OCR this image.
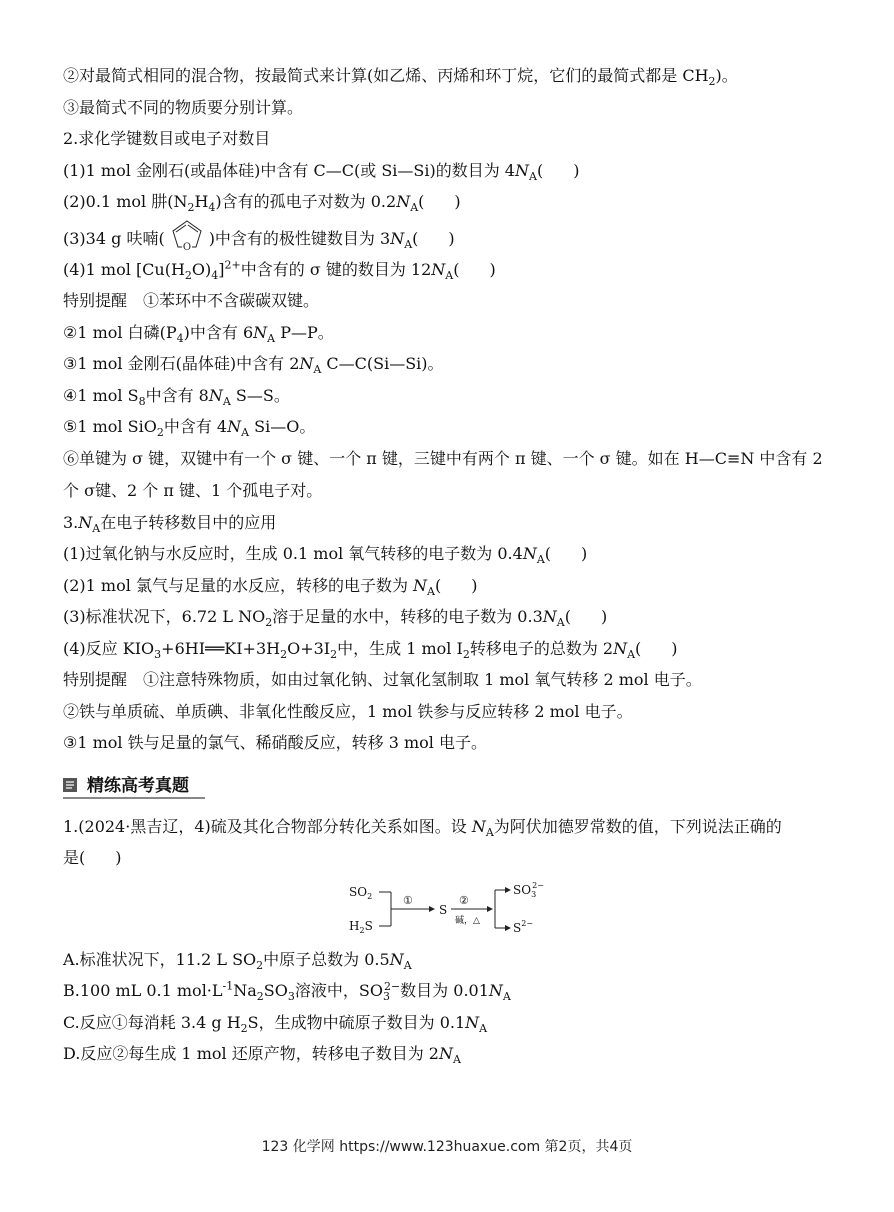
②对最简式相同的混合物，按最简式来计算(如乙烯、丙烯和环丁烷，它们的最简式都是 $CH_2$)。
③最简式不同的物质要分别计算。
2.求化学键数目或电子对数目
(1)1 mol 金刚石(或晶体硅)中含有 C—C(或 Si—Si)的数目为 $4N_A$( )
(2)0.1 mol 肼$(N_2H_4)$含有的孤电子对数为 $0.2N_A$( )
(3)34 g 呋喃( O )中含有的极性键数目为 $3N_A$( )
(4)1 mol $[Cu(H_2O)_4]^{2+}$中含有的 σ 键的数目为 $12N_A$( )
特别提醒　①苯环中不含碳碳双键。
②1 mol 白磷$(P_4)$中含有 $6N_A$ P—P。
③1 mol 金刚石(晶体硅)中含有 $2N_A$ C—C(Si—Si)。
④1 mol $S_8$中含有 $8N_A$ S—S。
⑤1 mol SiO$_2$中含有 $4N_A$ Si—O。
⑥单键为 σ 键，双键中有一个 σ 键、一个 π 键，三键中有两个 π 键、一个 σ 键。如在 H—C≡N 中含有 2 个 σ键、2 个 π 键、1 个孤电子对。
$3.N_A$在电子转移数目中的应用
(1)过氧化钠与水反应时，生成 0.1 mol 氧气转移的电子数为 $0.4N_A$( )
(2)1 mol 氯气与足量的水反应，转移的电子数为 $N_A$( )
(3)标准状况下，6.72 L $NO_2$溶于足量的水中，转移的电子数为 $0.3N_A$( )
(4)反应 $KIO_3+6HI══KI+3H_2O+3I_2$中，生成 1 mol $I_2$转移电子的总数为 $2N_A$( )
特别提醒　①注意特殊物质，如由过氧化钠、过氧化氢制取 1 mol 氧气转移 2 mol 电子。
②铁与单质硫、单质碘、非氧化性酸反应，1 mol 铁参与反应转移 2 mol 电子。
③1 mol 铁与足量的氯气、稀硝酸反应，转移 3 mol 电子。
精练高考真题
1.(2024·黑吉辽，4)硫及其化合物部分转化关系如图。设 $N_A$为阿伏加德罗常数的值，下列说法正确的
是( )
$SO_2$
$H_2S$
①
S
②
碱，△
$SO_32-$
$S^{2-}$
A.标准状况下，11.2 L $SO_2$中原子总数为 $0.5N_A$
B.100 mL 0.1 $mol\cdot L^{-1}Na_2SO_3$溶液中，$SO_3^{2-}$数目为 $0.01N_A$
C.反应①每消耗 3.4 g $H_2S$，生成物中硫原子数目为 $0.1N_A$
D.反应②每生成 1 mol 还原产物，转移电子数目为 $2N_A$
123 化学网 https://www.123huaxue.com 第2页，共4页
